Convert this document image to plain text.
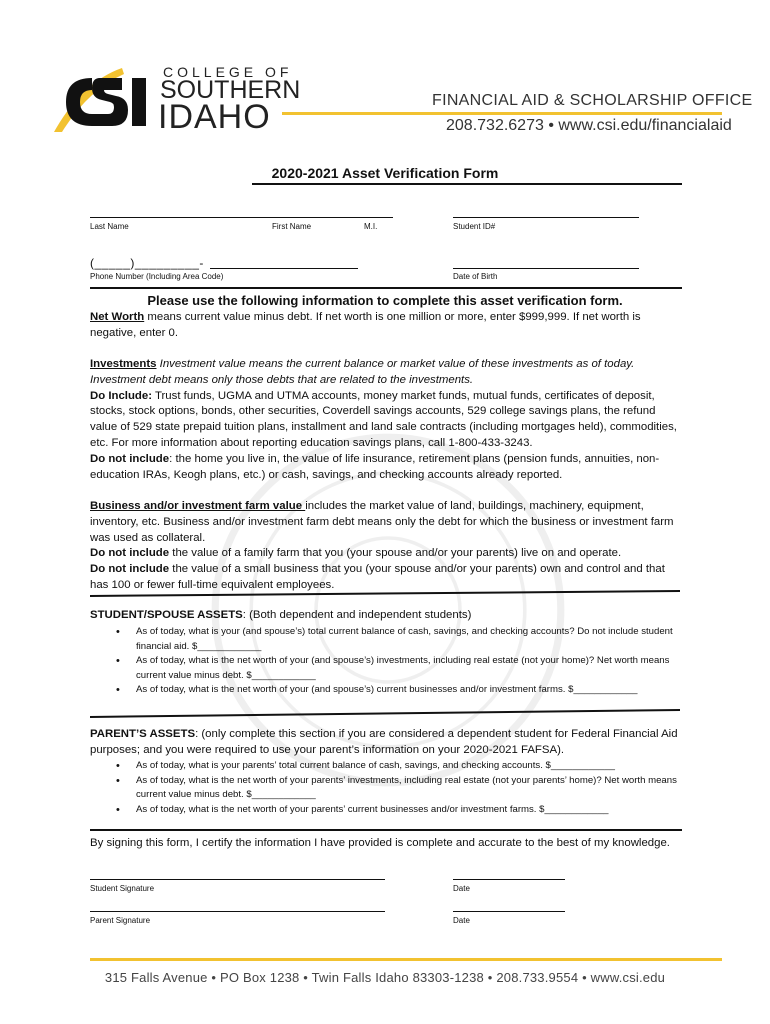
COLLEGE OF
SOUTHERN
IDAHO	FINANCIAL AID & SCHOLARSHIP OFFICE
208.732.6273 • www.csi.edu/financialaid
2020-2021 Asset Verification Form
Last Name	First Name	M.I.	Student ID#
(_____)_________-
Phone Number (Including Area Code)	Date of Birth
Please use the following information to complete this asset verification form.
Net Worth means current value minus debt. If net worth is one million or more, enter $999,999. If net worth is negative, enter 0.
Investments Investment value means the current balance or market value of these investments as of today. Investment debt means only those debts that are related to the investments.
Do Include: Trust funds, UGMA and UTMA accounts, money market funds, mutual funds, certificates of deposit, stocks, stock options, bonds, other securities, Coverdell savings accounts, 529 college savings plans, the refund value of 529 state prepaid tuition plans, installment and land sale contracts (including mortgages held), commodities, etc. For more information about reporting education savings plans, call 1-800-433-3243.
Do not include: the home you live in, the value of life insurance, retirement plans (pension funds, annuities, non-education IRAs, Keogh plans, etc.) or cash, savings, and checking accounts already reported.
Business and/or investment farm value includes the market value of land, buildings, machinery, equipment, inventory, etc. Business and/or investment farm debt means only the debt for which the business or investment farm was used as collateral.
Do not include the value of a family farm that you (your spouse and/or your parents) live on and operate.
Do not include the value of a small business that you (your spouse and/or your parents) own and control and that has 100 or fewer full-time equivalent employees.
STUDENT/SPOUSE ASSETS: (Both dependent and independent students)
• As of today, what is your (and spouse’s) total current balance of cash, savings, and checking accounts? Do not include student financial aid. $____________
• As of today, what is the net worth of your (and spouse’s) investments, including real estate (not your home)? Net worth means current value minus debt. $____________
• As of today, what is the net worth of your (and spouse’s) current businesses and/or investment farms. $____________
PARENT’S ASSETS: (only complete this section if you are considered a dependent student for Federal Financial Aid purposes; and you were required to use your parent’s information on your 2020-2021 FAFSA).
• As of today, what is your parents’ total current balance of cash, savings, and checking accounts. $____________
• As of today, what is the net worth of your parents’ investments, including real estate (not your parents’ home)? Net worth means current value minus debt. $____________
• As of today, what is the net worth of your parents’ current businesses and/or investment farms. $____________
By signing this form, I certify the information I have provided is complete and accurate to the best of my knowledge.
Student Signature	Date
Parent Signature	Date
315 Falls Avenue • PO Box 1238 • Twin Falls Idaho 83303-1238 • 208.733.9554 • www.csi.edu
